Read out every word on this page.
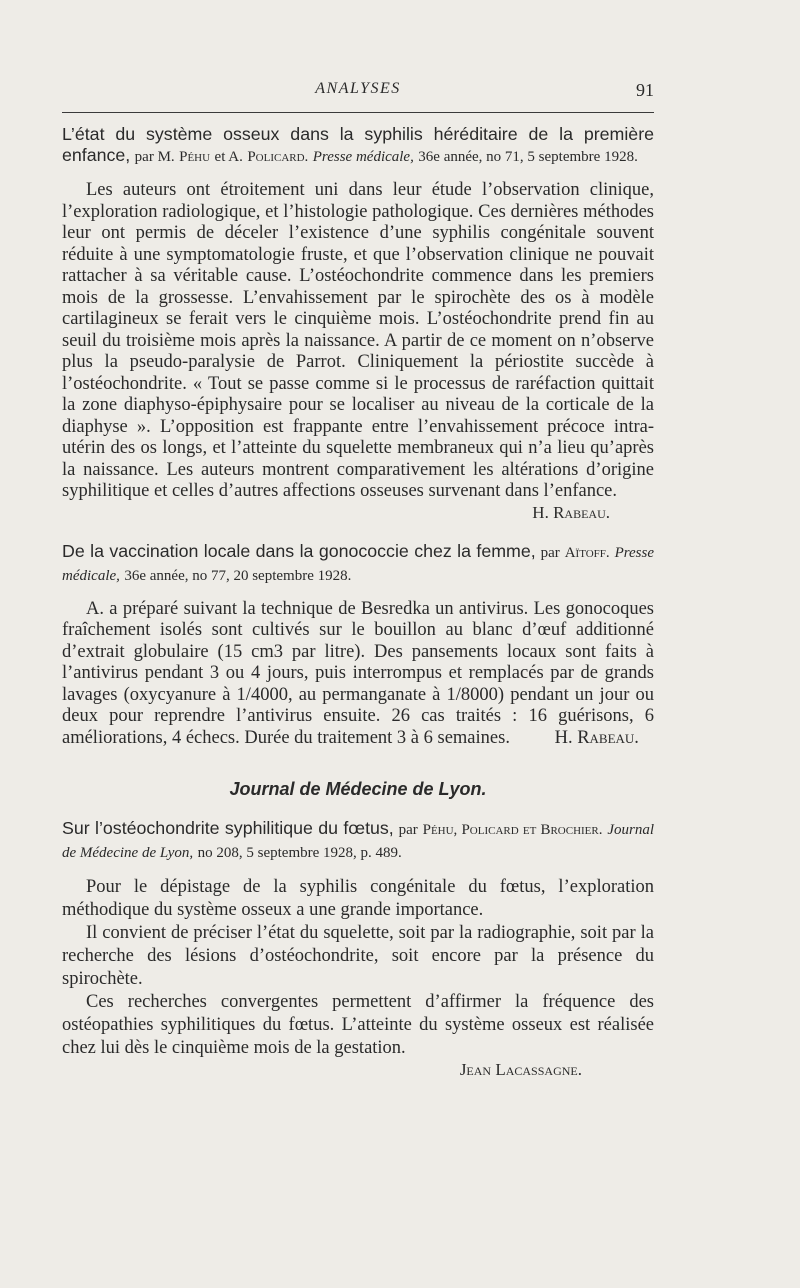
ANALYSES	91

L’état du système osseux dans la syphilis héréditaire de la première enfance, par M. Péhu et A. Policard. Presse médicale, 36e année, no 71, 5 septembre 1928.

Les auteurs ont étroitement uni dans leur étude l’observation clinique, l’exploration radiologique, et l’histologie pathologique. Ces dernières méthodes leur ont permis de déceler l’existence d’une syphilis congénitale souvent réduite à une symptomatologie fruste, et que l’observation clinique ne pouvait rattacher à sa véritable cause. L’ostéochondrite commence dans les premiers mois de la grossesse. L’envahissement par le spirochète des os à modèle cartilagineux se ferait vers le cinquième mois. L’ostéochondrite prend fin au seuil du troisième mois après la naissance. A partir de ce moment on n’observe plus la pseudo-paralysie de Parrot. Cliniquement la périostite succède à l’ostéochondrite. « Tout se passe comme si le processus de raréfaction quittait la zone diaphyso-épiphysaire pour se localiser au niveau de la corticale de la diaphyse ». L’opposition est frappante entre l’envahissement précoce intra-utérin des os longs, et l’atteinte du squelette membraneux qui n’a lieu qu’après la naissance. Les auteurs montrent comparativement les altérations d’origine syphilitique et celles d’autres affections osseuses survenant dans l’enfance.

H. Rabeau.

De la vaccination locale dans la gonococcie chez la femme, par Aïtoff. Presse médicale, 36e année, no 77, 20 septembre 1928.

A. a préparé suivant la technique de Besredka un antivirus. Les gonocoques fraîchement isolés sont cultivés sur le bouillon au blanc d’œuf additionné d’extrait globulaire (15 cm3 par litre). Des pansements locaux sont faits à l’antivirus pendant 3 ou 4 jours, puis interrompus et remplacés par de grands lavages (oxycyanure à 1/4000, au permanganate à 1/8000) pendant un jour ou deux pour reprendre l’antivirus ensuite. 26 cas traités : 16 guérisons, 6 améliorations, 4 échecs. Durée du traitement 3 à 6 semaines. H. Rabeau.

Journal de Médecine de Lyon.

Sur l’ostéochondrite syphilitique du fœtus, par Péhu, Policard et Brochier. Journal de Médecine de Lyon, no 208, 5 septembre 1928, p. 489.

Pour le dépistage de la syphilis congénitale du fœtus, l’exploration méthodique du système osseux a une grande importance.

Il convient de préciser l’état du squelette, soit par la radiographie, soit par la recherche des lésions d’ostéochondrite, soit encore par la présence du spirochète.

Ces recherches convergentes permettent d’affirmer la fréquence des ostéopathies syphilitiques du fœtus. L’atteinte du système osseux est réalisée chez lui dès le cinquième mois de la gestation.

Jean Lacassagne.
